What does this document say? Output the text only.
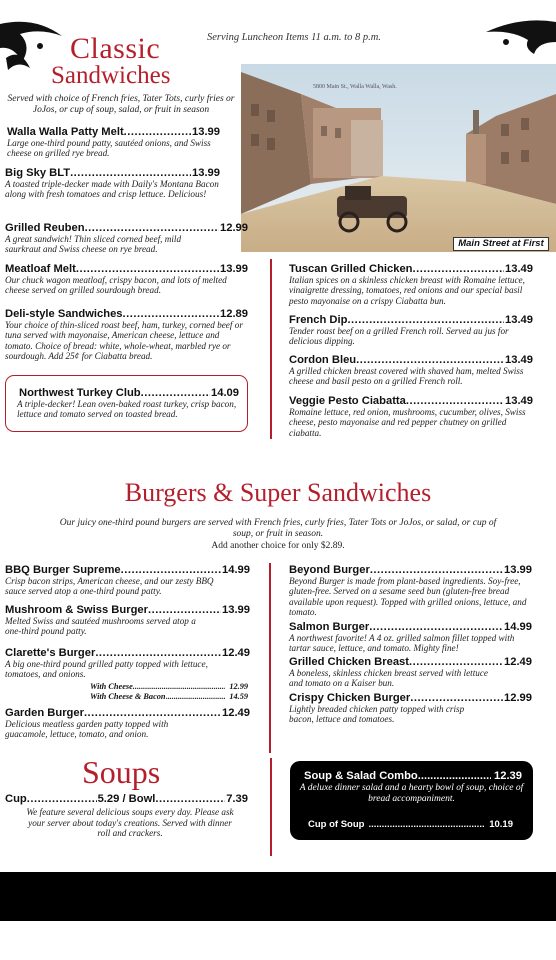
Serving Luncheon Items 11 a.m. to 8 p.m.
Classic
Sandwiches
Served with choice of French fries, Tater Tots, curly fries or JoJos, or cup of soup, salad, or fruit in season
5800 Main St., Walla Walla, Wash.
Main Street at First
Walla Walla Patty Melt .....	13.99
Large one-third pound patty, sautéed onions, and Swiss cheese on grilled rye bread.
Big Sky BLT .....	13.99
A toasted triple-decker made with Daily's Montana Bacon along with fresh tomatoes and crisp lettuce. Delicious!
Grilled Reuben .....	12.99
A great sandwich! Thin sliced corned beef, mild saurkraut and Swiss cheese on rye bread.
Meatloaf Melt .....	13.99
Our chuck wagon meatloaf, crispy bacon, and lots of melted cheese served on grilled sourdough bread.
Deli-style Sandwiches .....	12.89
Your choice of thin-sliced roast beef, ham, turkey, corned beef or tuna served with mayonaise, American cheese, lettuce and tomato. Choice of bread: white, whole-wheat, marbled rye or sourdough. Add 25¢ for Ciabatta bread.
Northwest Turkey Club .....	14.09
A triple-decker! Lean oven-baked roast turkey, crisp bacon, lettuce and tomato served on toasted bread.
Tuscan Grilled Chicken .....	13.49
Italian spices on a skinless chicken breast with Romaine lettuce, vinaigrette dressing, tomatoes, red onions and our special basil pesto mayonaise on a crispy Ciabatta bun.
French Dip .....	13.49
Tender roast beef on a grilled French roll. Served au jus for delicious dipping.
Cordon Bleu .....	13.49
A grilled chicken breast covered with shaved ham, melted Swiss cheese and basil pesto on a grilled French roll.
Veggie Pesto Ciabatta .....	13.49
Romaine lettuce, red onion, mushrooms, cucumber, olives, Swiss cheese, pesto mayonaise and red pepper chutney on grilled ciabatta.
Burgers & Super Sandwiches
Our juicy one-third pound burgers are served with French fries, curly fries, Tater Tots or JoJos, or salad, or cup of soup, or fruit in season.
Add another choice for only $2.89.
BBQ Burger Supreme .....	14.99
Crisp bacon strips, American cheese, and our zesty BBQ sauce served atop a one-third pound patty.
Mushroom & Swiss Burger .....	13.99
Melted Swiss and sautéed mushrooms served atop a one-third pound patty.
Clarette's Burger .....	12.49
A big one-third pound grilled patty topped with lettuce, tomatoes, and onions.
With Cheese .....	12.99
With Cheese & Bacon .....	14.59
Garden Burger .....	12.49
Delicious meatless garden patty topped with guacamole, lettuce, tomato, and onion.
Beyond Burger .....	13.99
Beyond Burger is made from plant-based ingredients. Soy-free, gluten-free. Served on a sesame seed bun (gluten-free bread available upon request). Topped with grilled onions, lettuce, and tomato.
Salmon Burger .....	14.99
A northwest favorite! A 4 oz. grilled salmon fillet topped with tartar sauce, lettuce, and tomato. Mighty fine!
Grilled Chicken Breast .....	12.49
A boneless, skinless chicken breast served with lettuce and tomato on a Kaiser bun.
Crispy Chicken Burger .....	12.99
Lightly breaded chicken patty topped with crisp bacon, lettuce and tomatoes.
Soups
Cup .....	5.29 / Bowl .....	7.39
We feature several delicious soups every day. Please ask your server about today's creations. Served with dinner roll and crackers.
Soup & Salad Combo .....	12.39
A deluxe dinner salad and a hearty bowl of soup, choice of bread accompaniment.
Cup of Soup .....	10.19
